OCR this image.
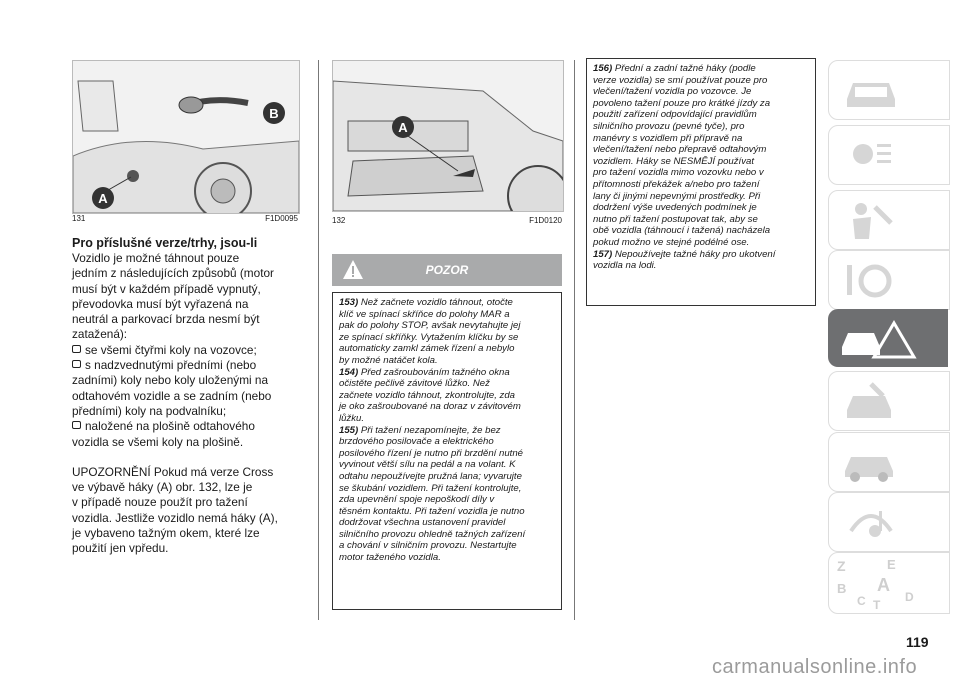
B
A
131	F1D0095
Pro příslušné verze/trhy, jsou-li
Vozidlo je možné táhnout pouze
jedním z následujících způsobů (motor
musí být v každém případě vypnutý,
převodovka musí být vyřazená na
neutrál a parkovací brzda nesmí být
zatažená):
se všemi čtyřmi koly na vozovce;
s nadzvednutými předními (nebo
zadními) koly nebo koly uloženými na
odtahovém vozidle a se zadním (nebo
předními) koly na podvalníku;
naložené na plošině odtahového
vozidla se všemi koly na plošině.
UPOZORNĚNÍ Pokud má verze Cross
ve výbavě háky (A) obr. 132, lze je
v případě nouze použít pro tažení
vozidla. Jestliže vozidlo nemá háky (A),
je vybaveno tažným okem, které lze
použití jen vpředu.
A
132	F1D0120
POZOR
153) Než začnete vozidlo táhnout, otočte
klíč ve spínací skříňce do polohy MAR a
pak do polohy STOP, avšak nevytahujte jej
ze spínací skříňky. Vytažením klíčku by se
automaticky zamkl zámek řízení a nebylo
by možné natáčet kola.
154) Před zašroubováním tažného okna
očistěte pečlivě závitové lůžko. Než
začnete vozidlo táhnout, zkontrolujte, zda
je oko zašroubované na doraz v závitovém
lůžku.
155) Při tažení nezapomínejte, že bez
brzdového posilovače a elektrického
posilového řízení je nutno při brzdění nutné
vyvinout větší sílu na pedál a na volant. K
odtahu nepoužívejte pružná lana; vyvarujte
se škubání vozidlem. Při tažení kontrolujte,
zda upevnění spoje nepoškodí díly v
těsném kontaktu. Při tažení vozidla je nutno
dodržovat všechna ustanovení pravidel
silničního provozu ohledně tažných zařízení
a chování v silničním provozu. Nestartujte
motor taženého vozidla.
156) Přední a zadní tažné háky (podle
verze vozidla) se smí používat pouze pro
vlečení/tažení vozidla po vozovce. Je
povoleno tažení pouze pro krátké jízdy za
použití zařízení odpovídající pravidlům
silničního provozu (pevné tyče), pro
manévry s vozidlem při přípravě na
vlečení/tažení nebo přepravě odtahovým
vozidlem. Háky se NESMĚJÍ používat
pro tažení vozidla mimo vozovku nebo v
přítomnosti překážek a/nebo pro tažení
lany či jinými nepevnými prostředky. Při
dodržení výše uvedených podmínek je
nutno při tažení postupovat tak, aby se
obě vozidla (táhnoucí i tažená) nacházela
pokud možno ve stejné podélné ose.
157) Nepoužívejte tažné háky pro ukotvení
vozidla na lodi.
Z	E
B A
C T
D
119
carmanualsonline.info
